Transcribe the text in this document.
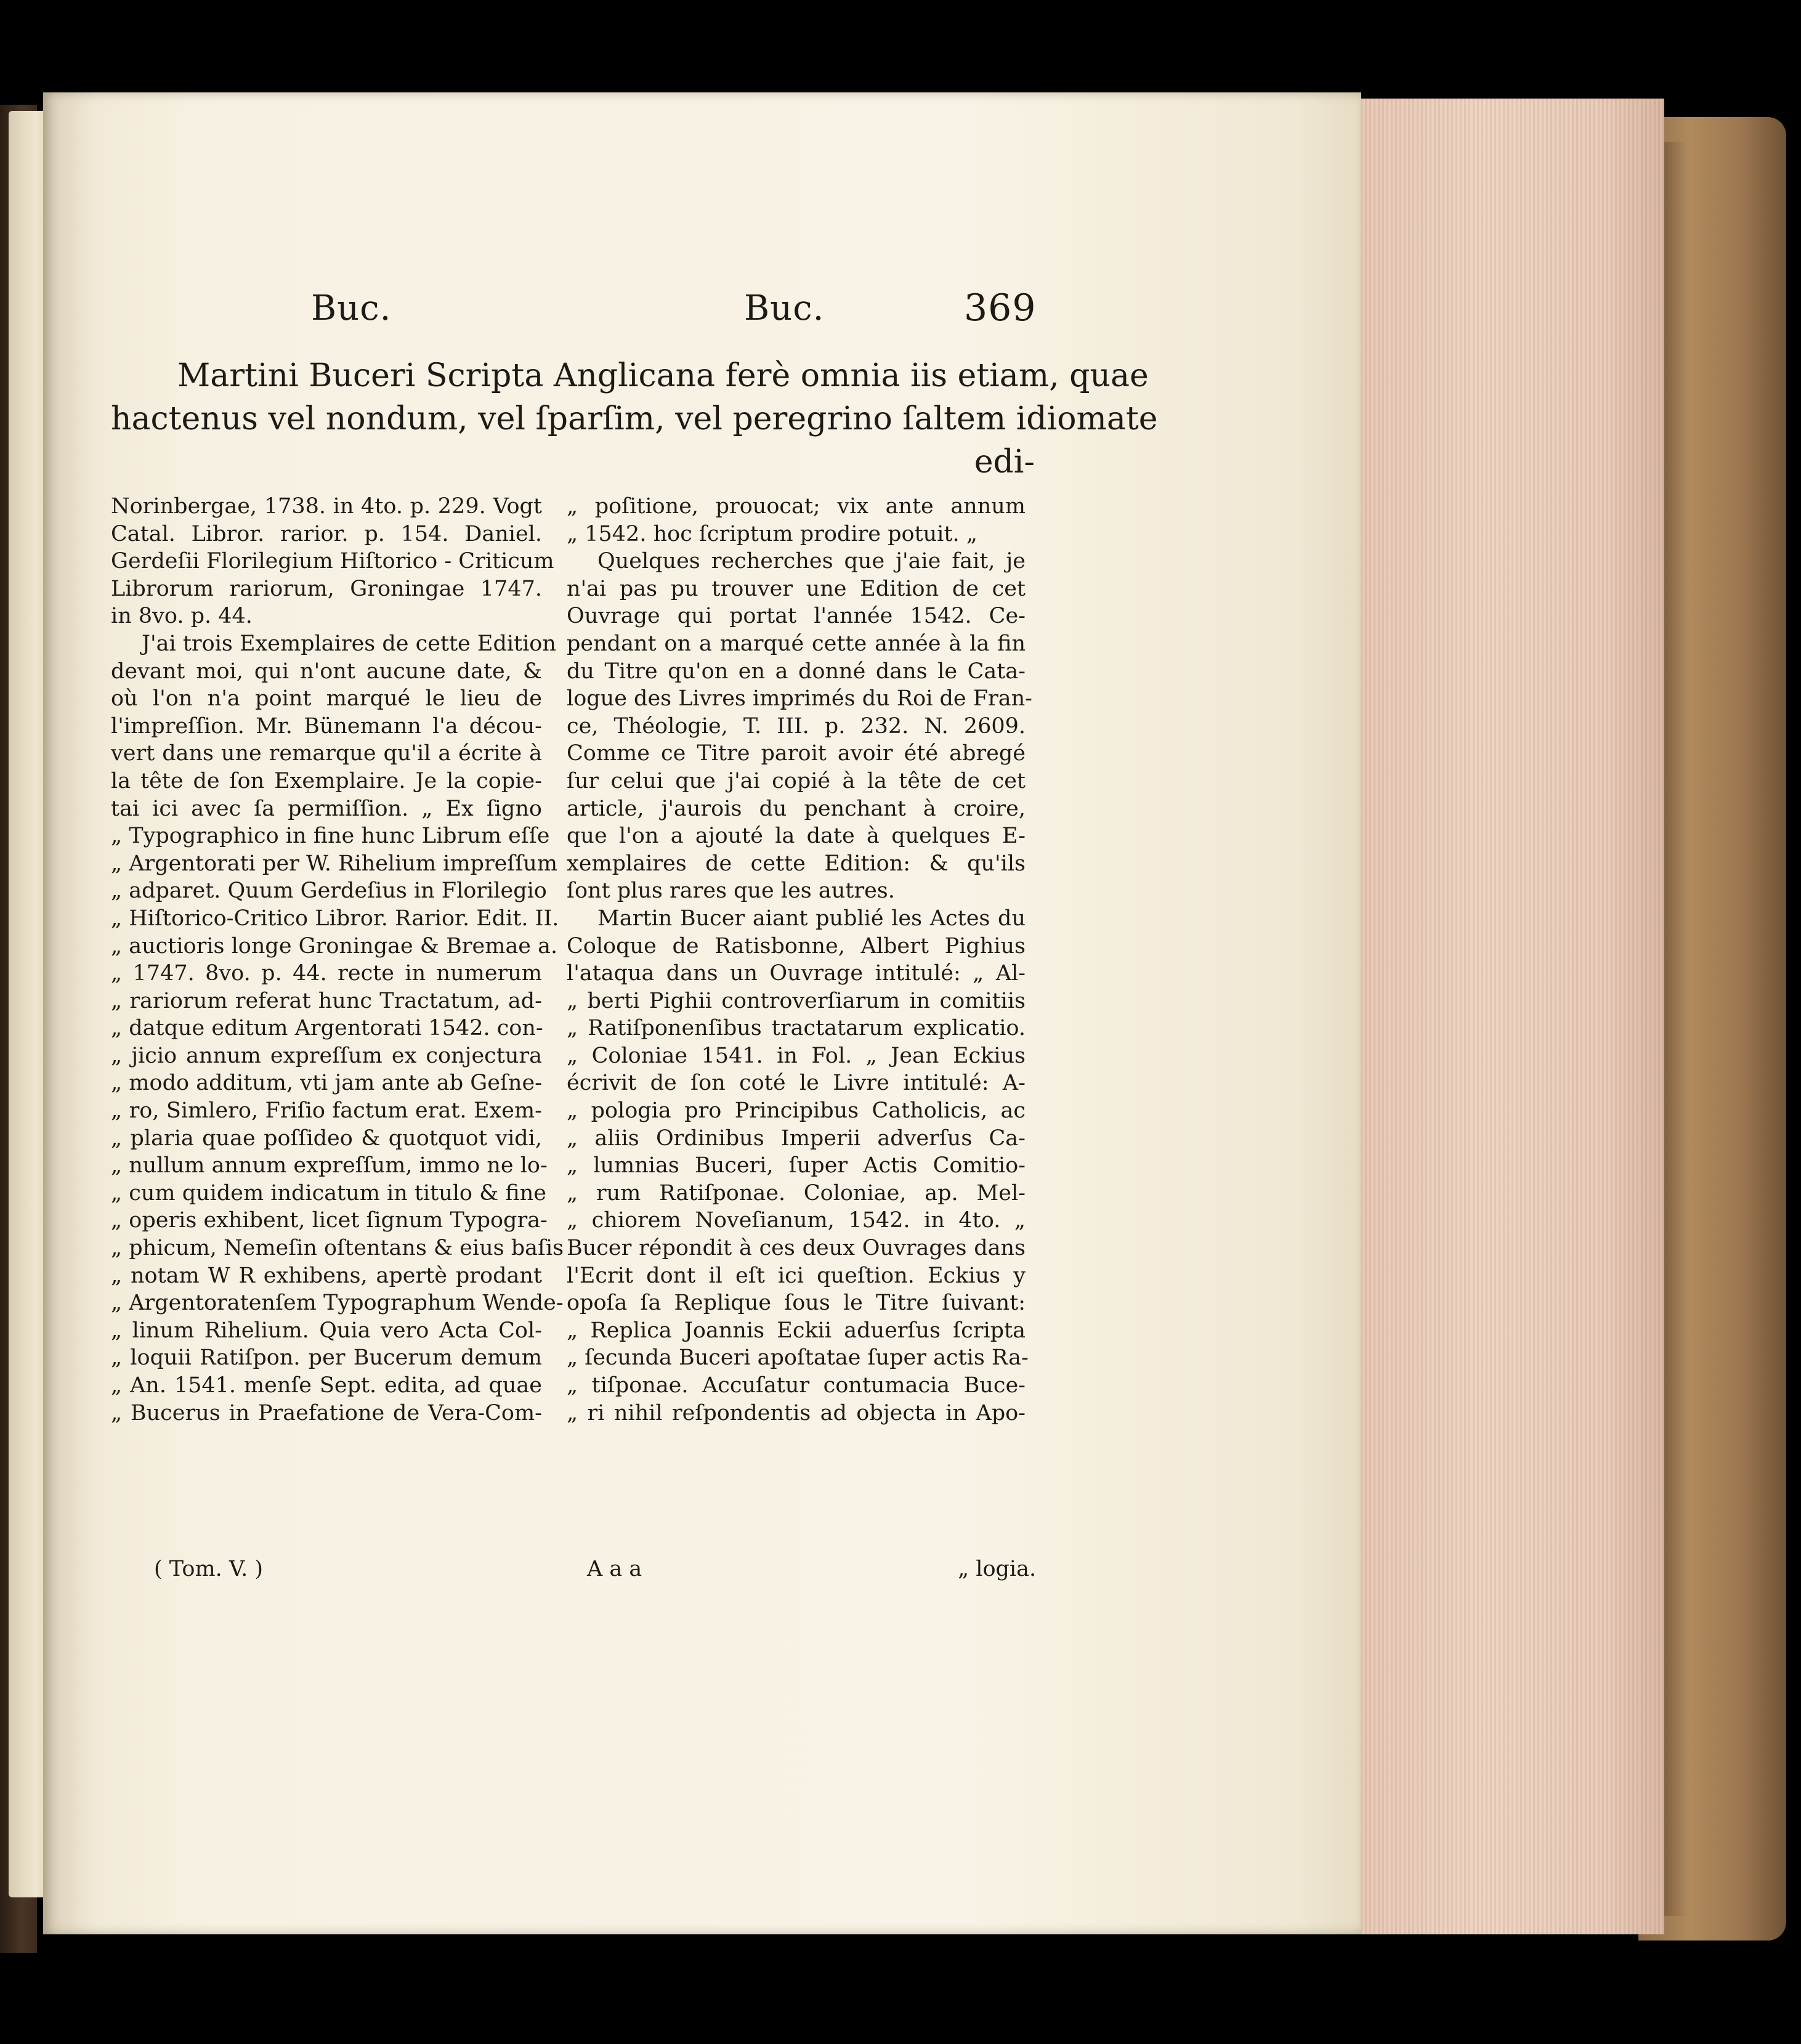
Buc.	Buc.	369
Martini Buceri Scripta Anglicana ferè omnia iis etiam, quae
hactenus vel nondum, vel ſparſim, vel peregrino ſaltem idiomate
edi-
Norinbergae, 1738. in 4to. p. 229. Vogt
Catal. Libror. rarior. p. 154. Daniel.
Gerdeſii Florilegium Hiſtorico - Criticum
Librorum rariorum, Groningae 1747.
in 8vo. p. 44.
J'ai trois Exemplaires de cette Edition
devant moi, qui n'ont aucune date, &
où l'on n'a point marqué le lieu de
l'impreſſion. Mr. Bünemann l'a décou-
vert dans une remarque qu'il a écrite à
la tête de ſon Exemplaire. Je la copie-
tai ici avec ſa permiſſion. „ Ex ſigno
„ Typographico in fine hunc Librum eſſe
„ Argentorati per W. Rihelium impreſſum
„ adparet. Quum Gerdeſius in Florilegio
„ Hiſtorico-Critico Libror. Rarior. Edit. II.
„ auctioris longe Groningae & Bremae a.
„ 1747. 8vo. p. 44. recte in numerum
„ rariorum referat hunc Tractatum, ad-
„ datque editum Argentorati 1542. con-
„ jicio annum expreſſum ex conjectura
„ modo additum, vti jam ante ab Geſne-
„ ro, Simlero, Friſio factum erat. Exem-
„ plaria quae poſſideo & quotquot vidi,
„ nullum annum expreſſum, immo ne lo-
„ cum quidem indicatum in titulo & fine
„ operis exhibent, licet ſignum Typogra-
„ phicum, Nemeſin oſtentans & eius baſis
„ notam W R exhibens, apertè prodant
„ Argentoratenſem Typographum Wende-
„ linum Rihelium. Quia vero Acta Col-
„ loquii Ratiſpon. per Bucerum demum
„ An. 1541. menſe Sept. edita, ad quae
„ Bucerus in Praefatione de Vera-Com-
„ poſitione, prouocat; vix ante annum
„ 1542. hoc ſcriptum prodire potuit. „
Quelques recherches que j'aie fait, je
n'ai pas pu trouver une Edition de cet
Ouvrage qui portat l'année 1542. Ce-
pendant on a marqué cette année à la fin
du Titre qu'on en a donné dans le Cata-
logue des Livres imprimés du Roi de Fran-
ce, Théologie, T. III. p. 232. N. 2609.
Comme ce Titre paroit avoir été abregé
ſur celui que j'ai copié à la tête de cet
article, j'aurois du penchant à croire,
que l'on a ajouté la date à quelques E-
xemplaires de cette Edition: & qu'ils
ſont plus rares que les autres.
Martin Bucer aiant publié les Actes du
Coloque de Ratisbonne, Albert Pighius
l'ataqua dans un Ouvrage intitulé: „ Al-
„ berti Pighii controverſiarum in comitiis
„ Ratiſponenſibus tractatarum explicatio.
„ Coloniae 1541. in Fol. „ Jean Eckius
écrivit de ſon coté le Livre intitulé: A-
„ pologia pro Principibus Catholicis, ac
„ aliis Ordinibus Imperii adverſus Ca-
„ lumnias Buceri, ſuper Actis Comitio-
„ rum Ratiſponae. Coloniae, ap. Mel-
„ chiorem Noveſianum, 1542. in 4to. „
Bucer répondit à ces deux Ouvrages dans
l'Ecrit dont il eſt ici queſtion. Eckius y
opoſa ſa Replique ſous le Titre ſuivant:
„ Replica Joannis Eckii aduerſus ſcripta
„ ſecunda Buceri apoſtatae ſuper actis Ra-
„ tiſponae. Accuſatur contumacia Buce-
„ ri nihil reſpondentis ad objecta in Apo-
( Tom. V. )	A a a	„ logia.
